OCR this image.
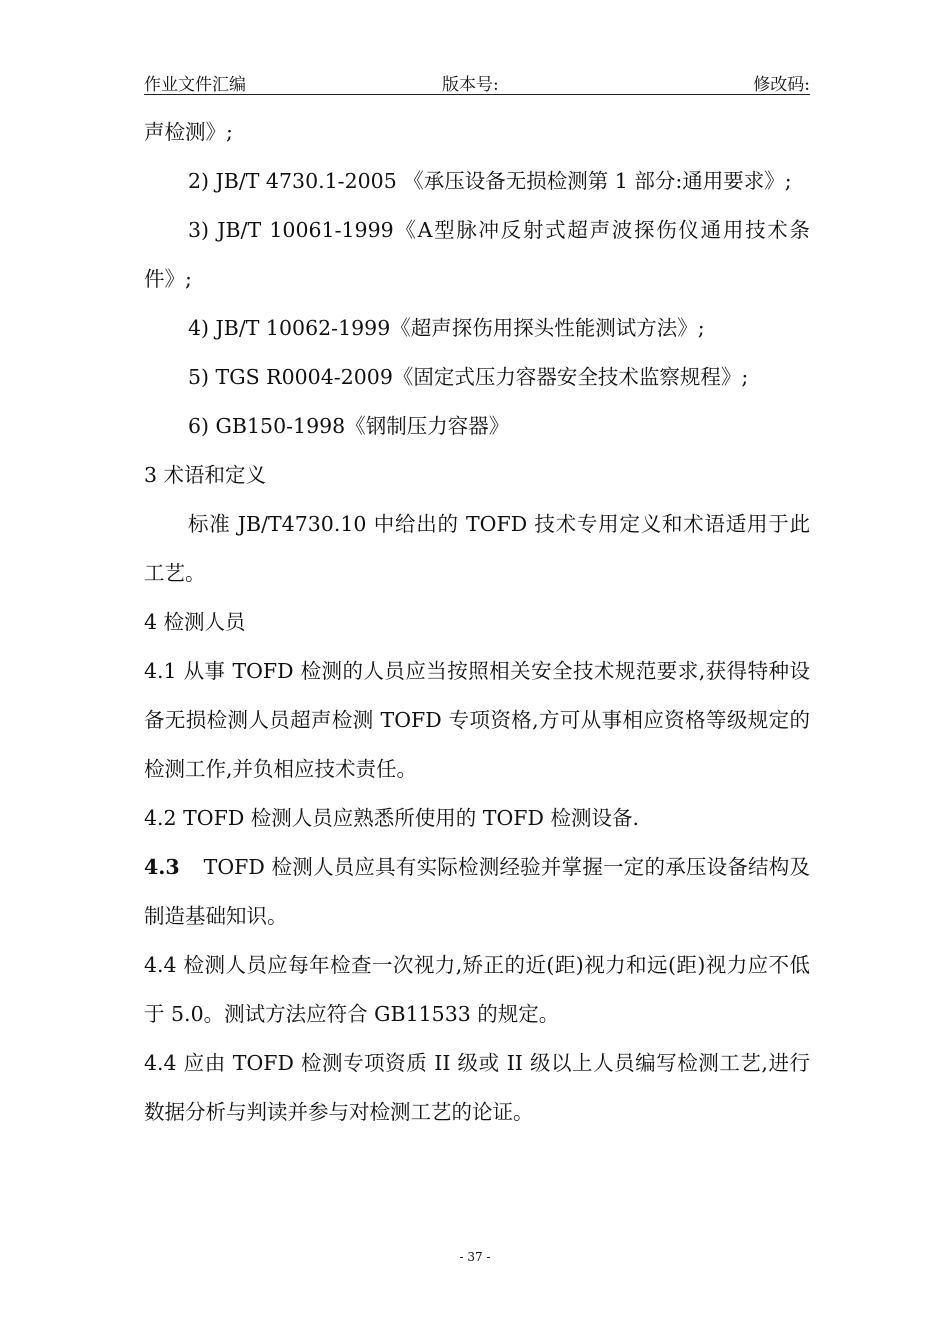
作业文件汇编	版本号:	修改码:

声检测》;

2) JB/T 4730.1-2005 《承压设备无损检测第 1 部分:通用要求》;

3) JB/T 10061-1999《A型脉冲反射式超声波探伤仪通用技术条件》;

4) JB/T 10062-1999《超声探伤用探头性能测试方法》;

5) TGS R0004-2009《固定式压力容器安全技术监察规程》;

6) GB150-1998《钢制压力容器》

3 术语和定义

标准 JB/T4730.10 中给出的 TOFD 技术专用定义和术语适用于此工艺。

4 检测人员

4.1 从事 TOFD 检测的人员应当按照相关安全技术规范要求,获得特种设备无损检测人员超声检测 TOFD 专项资格,方可从事相应资格等级规定的检测工作,并负相应技术责任。

4.2 TOFD 检测人员应熟悉所使用的 TOFD 检测设备.

4.3 TOFD 检测人员应具有实际检测经验并掌握一定的承压设备结构及制造基础知识。

4.4 检测人员应每年检查一次视力,矫正的近(距)视力和远(距)视力应不低于 5.0。测试方法应符合 GB11533 的规定。

4.4 应由 TOFD 检测专项资质 II 级或 II 级以上人员编写检测工艺,进行数据分析与判读并参与对检测工艺的论证。

- 37 -
